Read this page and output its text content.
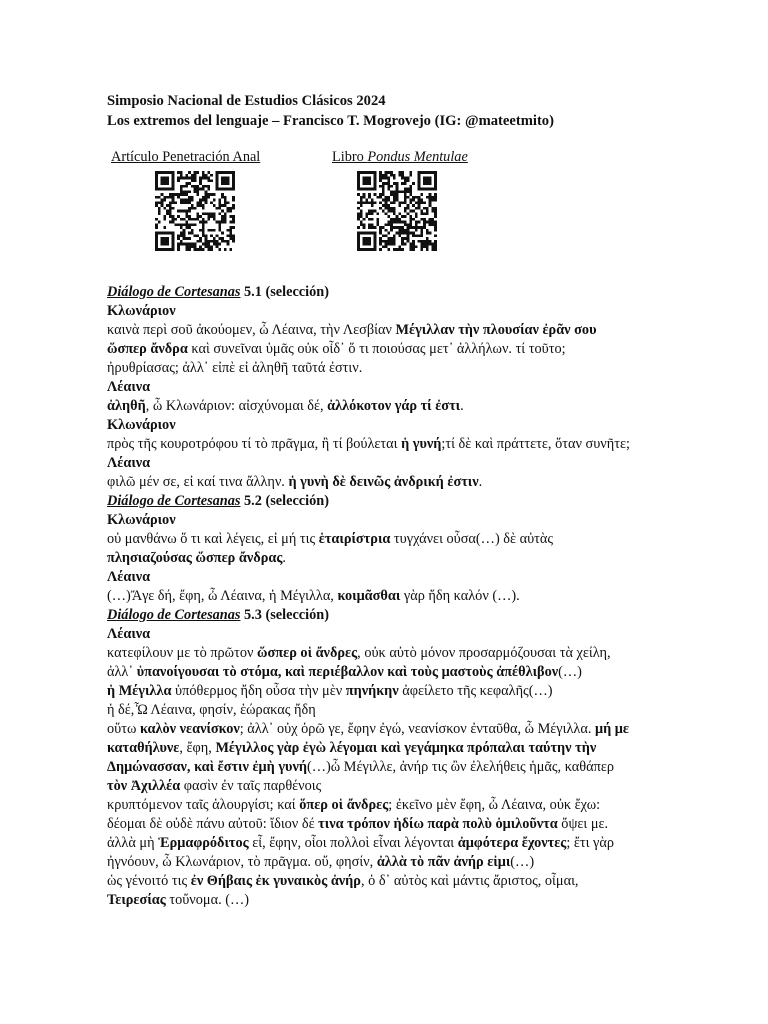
Simposio Nacional de Estudios Clásicos 2024
Los extremos del lenguaje – Francisco T. Mogrovejo (IG: @mateetmito)
Artículo Penetración Anal	Libro Pondus Mentulae
Diálogo de Cortesanas 5.1 (selección)
Κλωνάριον
καινὰ περὶ σοῦ ἀκούομεν, ὦ Λέαινα, τὴν Λεσβίαν Μέγιλλαν τὴν πλουσίαν ἐρᾶν σου
ὥσπερ ἄνδρα καὶ συνεῖναι ὑμᾶς οὐκ οἶδ᾽ ὅ τι ποιούσας μετ᾽ ἀλλήλων. τί τοῦτο;
ἠρυθρίασας; ἀλλ᾽ εἰπὲ εἰ ἀληθῆ ταῦτά ἐστιν.
Λέαινα
ἀληθῆ, ὦ Κλωνάριον: αἰσχύνομαι δέ, ἀλλόκοτον γάρ τί ἐστι.
Κλωνάριον
πρὸς τῆς κουροτρόφου τί τὸ πρᾶγμα, ἢ τί βούλεται ἡ γυνή;τί δὲ καὶ πράττετε, ὅταν συνῆτε;
Λέαινα
φιλῶ μέν σε, εἰ καί τινα ἄλλην. ἡ γυνὴ δὲ δεινῶς ἀνδρική ἐστιν.
Diálogo de Cortesanas 5.2 (selección)
Κλωνάριον
οὐ μανθάνω ὅ τι καὶ λέγεις, εἰ μή τις ἑταιρίστρια τυγχάνει οὖσα(…) δὲ αὐτὰς
πλησιαζούσας ὥσπερ ἄνδρας.
Λέαινα
(…)Ἄγε δή, ἔφη, ὦ Λέαινα, ἡ Μέγιλλα, κοιμᾶσθαι γὰρ ἤδη καλόν (…).
Diálogo de Cortesanas 5.3 (selección)
Λέαινα
κατεφίλουν με τὸ πρῶτον ὥσπερ οἱ ἄνδρες, οὐκ αὐτὸ μόνον προσαρμόζουσαι τὰ χείλη,
ἀλλ᾽ ὑπανοίγουσαι τὸ στόμα, καὶ περιέβαλλον καὶ τοὺς μαστοὺς ἀπέθλιβον(…)
ἡ Μέγιλλα ὑπόθερμος ἤδη οὖσα τὴν μὲν πηνήκην ἀφείλετο τῆς κεφαλῆς(…)
ἡ δέ,Ὦ Λέαινα, φησίν, ἑώρακας ἤδη
οὕτω καλὸν νεανίσκον; ἀλλ᾽ οὐχ ὁρῶ γε, ἔφην ἐγώ, νεανίσκον ἐνταῦθα, ὦ Μέγιλλα. μή με
καταθήλυνε, ἔφη, Μέγιλλος γὰρ ἐγὼ λέγομαι καὶ γεγάμηκα πρόπαλαι ταύτην τὴν
Δημώνασσαν, καὶ ἔστιν ἐμὴ γυνή(…)ὦ Μέγιλλε, ἀνήρ τις ὢν ἐλελήθεις ἡμᾶς, καθάπερ
τὸν Ἀχιλλέα φασὶν ἐν ταῖς παρθένοις
κρυπτόμενον ταῖς ἁλουργίσι; καί ὅπερ οἱ ἄνδρες; ἐκεῖνο μὲν ἔφη, ὦ Λέαινα, οὐκ ἔχω:
δέομαι δὲ οὐδὲ πάνυ αὐτοῦ: ἴδιον δέ τινα τρόπον ἡδίω παρὰ πολὺ ὁμιλοῦντα ὄψει με.
ἀλλὰ μὴ Ἑρμαφρόδιτος εἶ, ἔφην, οἷοι πολλοὶ εἶναι λέγονται ἀμφότερα ἔχοντες; ἔτι γὰρ
ἠγνόουν, ὦ Κλωνάριον, τὸ πρᾶγμα. οὔ, φησίν, ἀλλὰ τὸ πᾶν ἀνήρ εἰμι(…)
ὡς γένοιτό τις ἐν Θήβαις ἐκ γυναικὸς ἀνήρ, ὁ δ᾽ αὐτὸς καὶ μάντις ἄριστος, οἶμαι,
Τειρεσίας τοὔνομα. (…)
